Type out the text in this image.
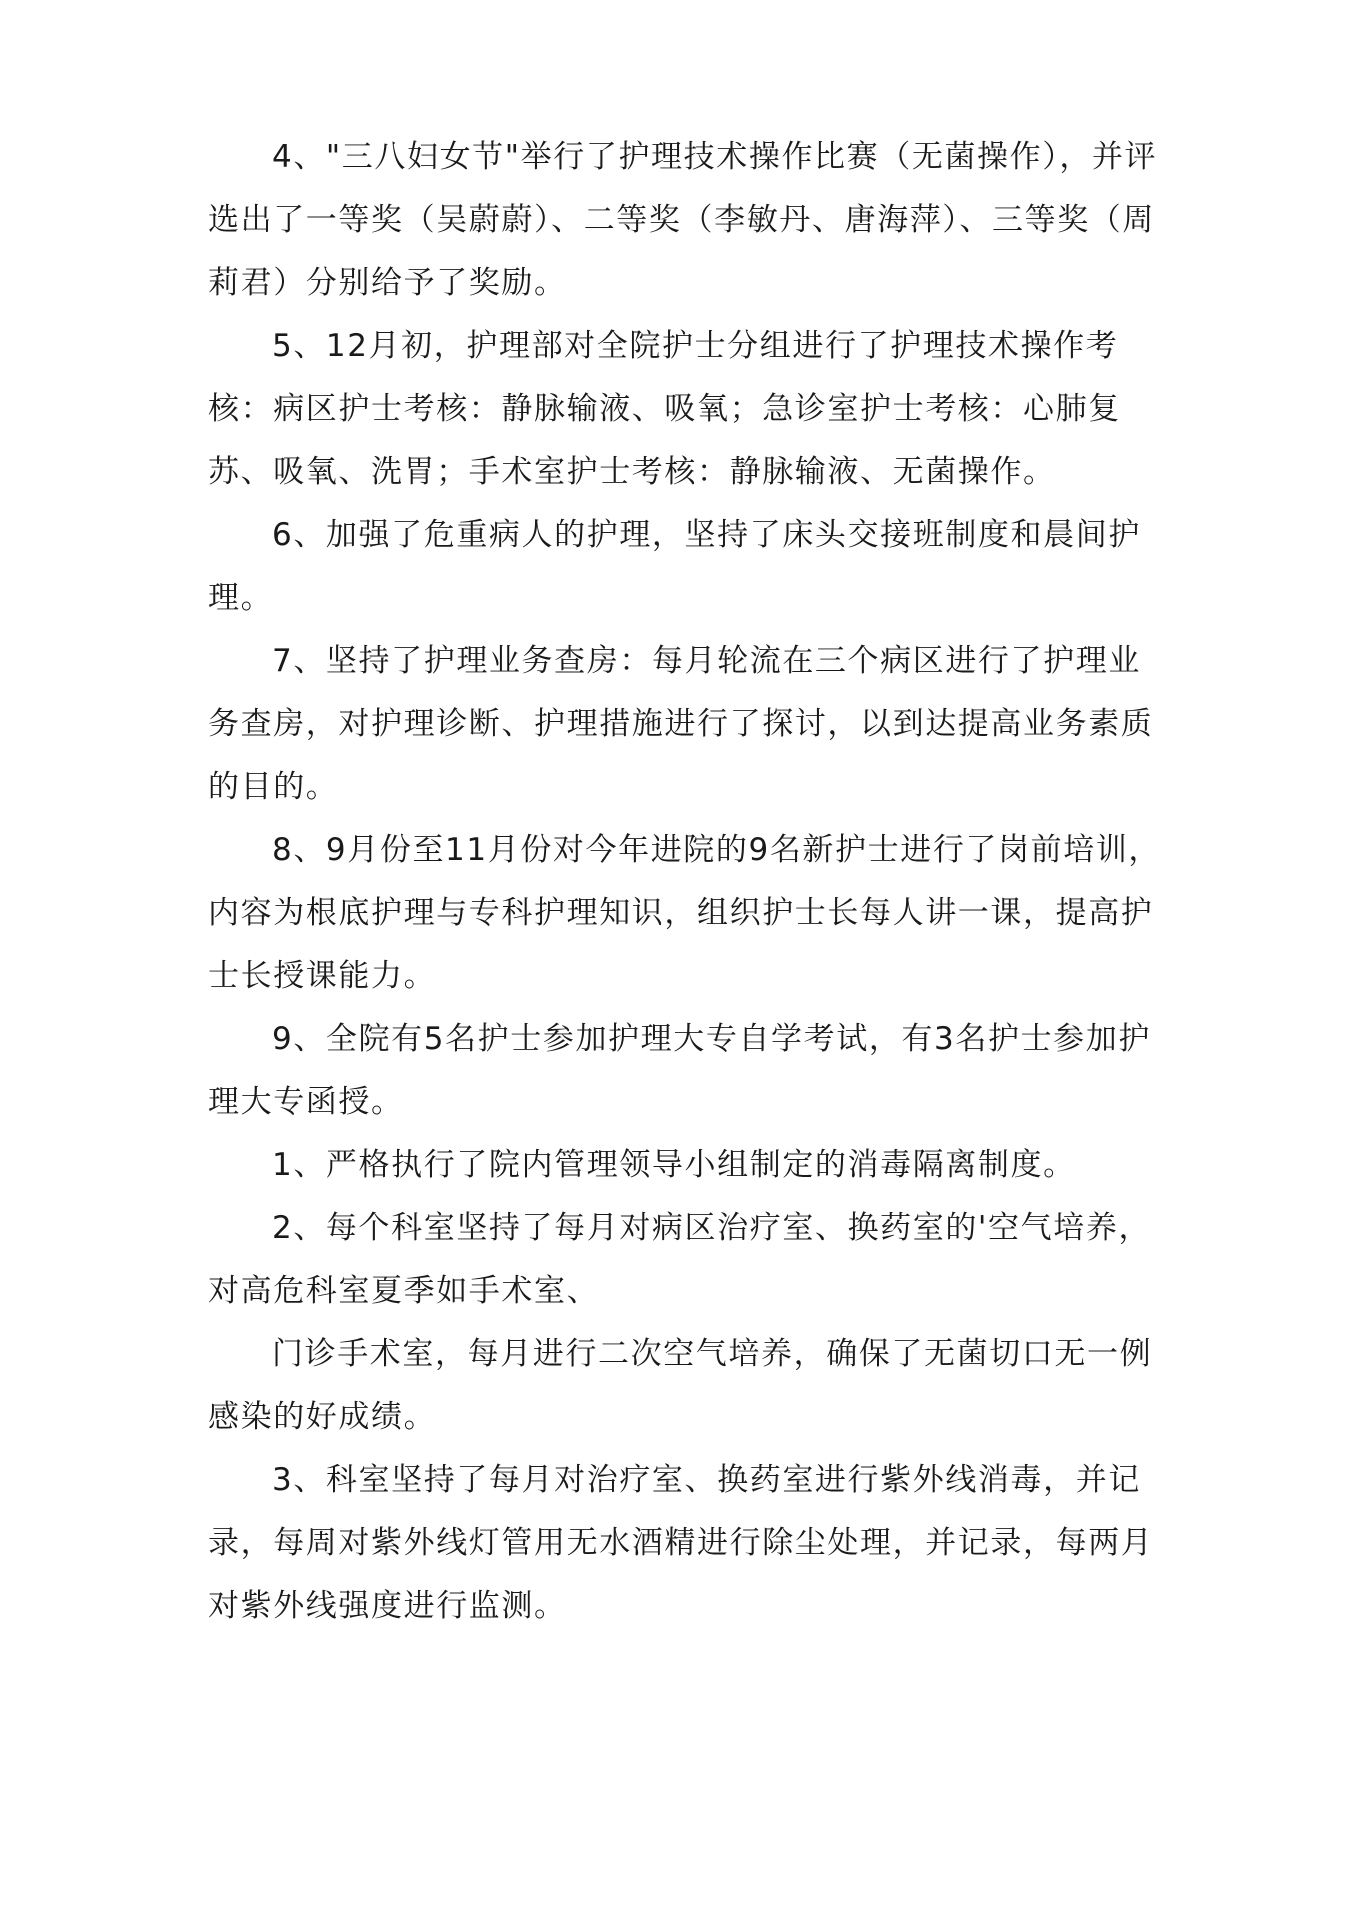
4、"三八妇女节"举行了护理技术操作比赛（无菌操作），并评选出了一等奖（吴蔚蔚）、二等奖（李敏丹、唐海萍）、三等奖（周莉君）分别给予了奖励。

5、12月初，护理部对全院护士分组进行了护理技术操作考核：病区护士考核：静脉输液、吸氧；急诊室护士考核：心肺复苏、吸氧、洗胃；手术室护士考核：静脉输液、无菌操作。

6、加强了危重病人的护理，坚持了床头交接班制度和晨间护理。

7、坚持了护理业务查房：每月轮流在三个病区进行了护理业务查房，对护理诊断、护理措施进行了探讨，以到达提高业务素质的目的。

8、9月份至11月份对今年进院的9名新护士进行了岗前培训，内容为根底护理与专科护理知识，组织护士长每人讲一课，提高护士长授课能力。

9、全院有5名护士参加护理大专自学考试，有3名护士参加护理大专函授。

1、严格执行了院内管理领导小组制定的消毒隔离制度。

2、每个科室坚持了每月对病区治疗室、换药室的'空气培养，对高危科室夏季如手术室、

门诊手术室，每月进行二次空气培养，确保了无菌切口无一例感染的好成绩。

3、科室坚持了每月对治疗室、换药室进行紫外线消毒，并记录，每周对紫外线灯管用无水酒精进行除尘处理，并记录，每两月对紫外线强度进行监测。
